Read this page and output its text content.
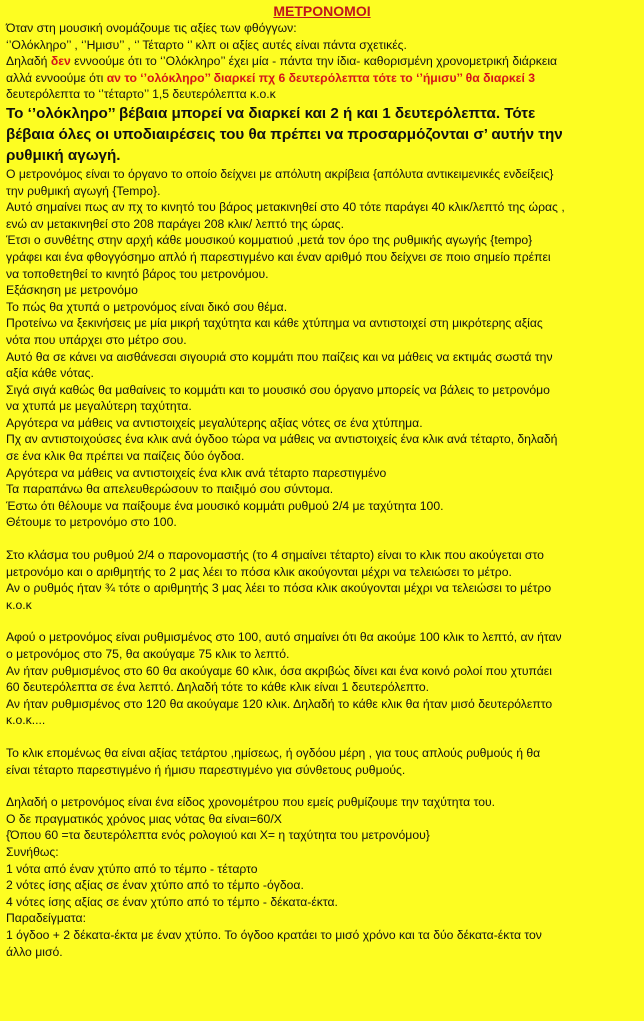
ΜΕΤΡΟΝΟΜΟΙ

Όταν στη μουσική ονομάζουμε τις αξίες των φθόγγων:

‘’Ολόκληρο’’ , ‘’Ημισυ’’ , ‘’ Τέταρτο ‘’ κλπ οι αξίες αυτές είναι πάντα σχετικές.

Δηλαδή δεν εννοούμε ότι το ‘’Ολόκληρο’’ έχει μία - πάντα την ίδια- καθορισμένη χρονομετρική διάρκεια

αλλά εννοούμε ότι αν το ‘’ολόκληρο’’ διαρκεί πχ 6 δευτερόλεπτα τότε το ‘’ήμισυ’’ θα διαρκεί 3

δευτερόλεπτα το ‘’τέταρτο’’ 1,5 δευτερόλεπτα κ.ο.κ

Το ‘’ολόκληρο’’ βέβαια μπορεί να διαρκεί και 2 ή και 1 δευτερόλεπτα. Τότε

βέβαια όλες οι υποδιαιρέσεις του θα πρέπει να προσαρμόζονται σ’ αυτήν την

ρυθμική αγωγή.

Ο μετρονόμος είναι το όργανο το οποίο δείχνει με απόλυτη ακρίβεια {απόλυτα αντικειμενικές ενδείξεις}

την ρυθμική αγωγή {Tempo}.

Αυτό σημαίνει πως αν πχ το κινητό του βάρος μετακινηθεί στο 40 τότε παράγει 40 κλικ/λεπτό της ώρας ,

ενώ αν μετακινηθεί στο 208 παράγει 208 κλικ/ λεπτό της ώρας.

Έτσι ο συνθέτης στην αρχή κάθε μουσικού κομματιού ,μετά τον όρο της ρυθμικής αγωγής {tempo}

γράφει και ένα φθογγόσημο απλό ή παρεστιγμένο και έναν αριθμό που δείχνει σε ποιο σημείο πρέπει

να τοποθετηθεί το κινητό βάρος του μετρονόμου.

Εξάσκηση με μετρονόμο

Το πώς θα χτυπά ο μετρονόμος είναι δικό σου θέμα.

Προτείνω να ξεκινήσεις με μία μικρή ταχύτητα και κάθε χτύπημα να αντιστοιχεί στη μικρότερης αξίας

νότα που υπάρχει στο μέτρο σου.

Αυτό θα σε κάνει να αισθάνεσαι σιγουριά στο κομμάτι που παίζεις και να μάθεις να εκτιμάς σωστά την

αξία κάθε νότας.

Σιγά σιγά καθώς θα μαθαίνεις το κομμάτι και το μουσικό σου όργανο μπορείς να βάλεις το μετρονόμο

να χτυπά με μεγαλύτερη ταχύτητα.

Αργότερα να μάθεις να αντιστοιχείς μεγαλύτερης αξίας νότες σε ένα χτύπημα.

Πχ αν αντιστοιχούσες ένα κλικ ανά όγδοο τώρα να μάθεις να αντιστοιχείς ένα κλικ ανά τέταρτο, δηλαδή

σε ένα κλικ θα πρέπει να παίζεις δύο όγδοα.

Αργότερα να μάθεις να αντιστοιχείς ένα κλικ ανά τέταρτο παρεστιγμένο

Τα παραπάνω θα απελευθερώσουν το παιξιμό σου σύντομα.

Έστω ότι θέλουμε να παίξουμε ένα μουσικό κομμάτι ρυθμού 2/4 με ταχύτητα 100.

Θέτουμε το μετρονόμο στο 100.

Στο κλάσμα του ρυθμού 2/4 ο παρονομαστής (το 4 σημαίνει τέταρτο) είναι το κλικ που ακούγεται στο

μετρονόμο και ο αριθμητής το 2 μας λέει το πόσα κλικ ακούγονται μέχρι να τελειώσει το μέτρο.

Αν ο ρυθμός ήταν ¾ τότε ο αριθμητής 3 μας λέει το πόσα κλικ ακούγονται μέχρι να τελειώσει το μέτρο

κ.ο.κ

Αφού ο μετρονόμος είναι ρυθμισμένος στο 100, αυτό σημαίνει ότι θα ακούμε 100 κλικ το λεπτό, αν ήταν

ο μετρονόμος στο 75, θα ακούγαμε 75 κλικ το λεπτό.

Αν ήταν ρυθμισμένος στο 60 θα ακούγαμε 60 κλικ, όσα ακριβώς δίνει και ένα κοινό ρολοί που χτυπάει

60 δευτερόλεπτα σε ένα λεπτό. Δηλαδή τότε το κάθε κλικ είναι 1 δευτερόλεπτο.

Αν ήταν ρυθμισμένος στο 120 θα ακούγαμε 120 κλικ. Δηλαδή το κάθε κλικ θα ήταν μισό δευτερόλεπτο

κ.ο.κ....

Το κλικ επομένως θα είναι αξίας τετάρτου ,ημίσεως, ή ογδόου μέρη , για τους απλούς ρυθμούς ή θα

είναι τέταρτο παρεστιγμένο ή ήμισυ παρεστιγμένο για σύνθετους ρυθμούς.

Δηλαδή ο μετρονόμος είναι ένα είδος χρονομέτρου που εμείς ρυθμίζουμε την ταχύτητα του.

Ο δε πραγματικός χρόνος μιας νότας θα είναι=60/Χ

{Όπου 60 =τα δευτερόλεπτα ενός ρολογιού και Χ= η ταχύτητα του μετρονόμου}

Συνήθως:

1 νότα από έναν χτύπο από το τέμπο - τέταρτο

2 νότες ίσης αξίας σε έναν χτύπο από το τέμπο -όγδοα.

4 νότες ίσης αξίας σε έναν χτύπο από το τέμπο - δέκατα-έκτα.

Παραδείγματα:

1 όγδοο + 2 δέκατα-έκτα με έναν χτύπο. Το όγδοο κρατάει το μισό χρόνο και τα δύο δέκατα-έκτα τον

άλλο μισό.
